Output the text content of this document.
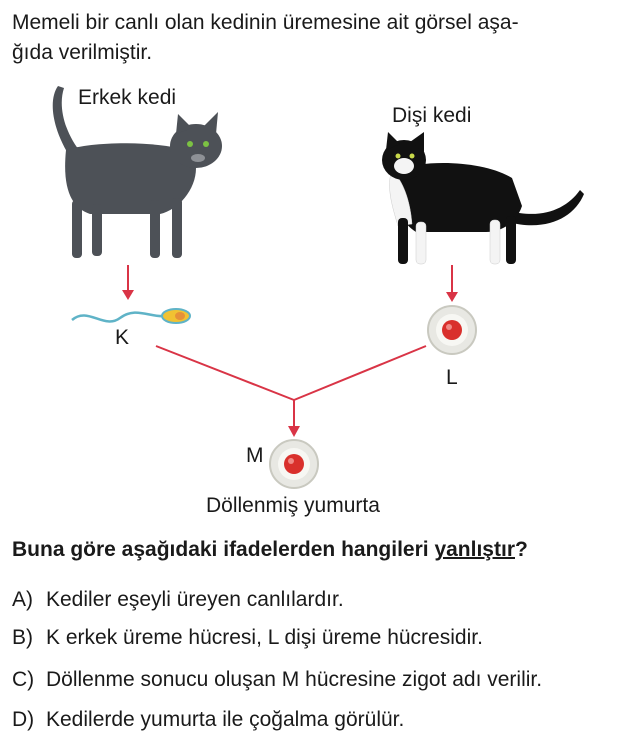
Memeli bir canlı olan kedinin üremesine ait görsel aşa-
ğıda verilmiştir.
Erkek kedi
Dişi kedi
K
L
M
Döllenmiş yumurta
Buna göre aşağıdaki ifadelerden hangileri yanlıştır?
A) Kediler eşeyli üreyen canlılardır.
B) K erkek üreme hücresi, L dişi üreme hücresidir.
C) Döllenme sonucu oluşan M hücresine zigot adı verilir.
D) Kedilerde yumurta ile çoğalma görülür.
